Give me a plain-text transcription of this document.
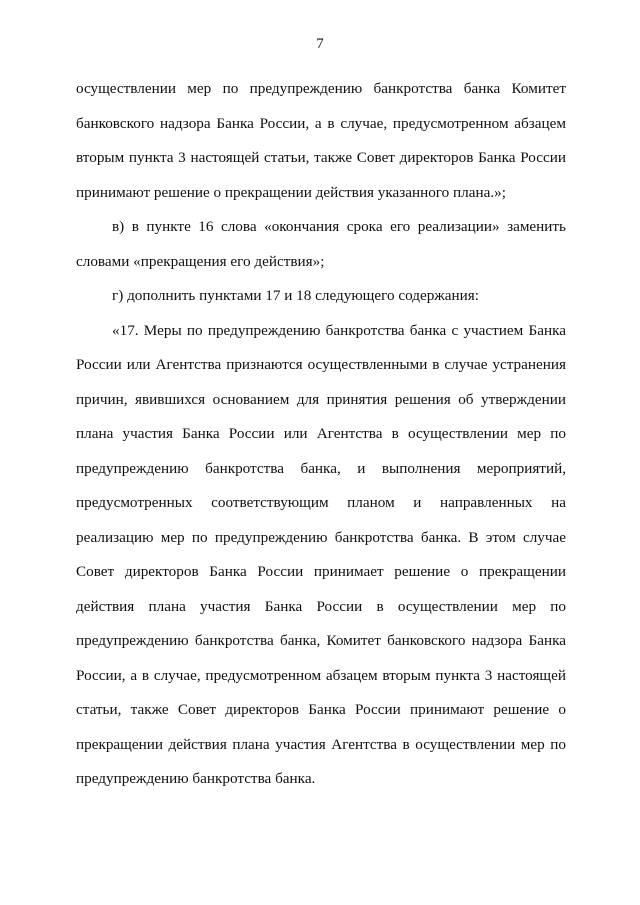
7

осуществлении мер по предупреждению банкротства банка Комитет банковского надзора Банка России, а в случае, предусмотренном абзацем вторым пункта 3 настоящей статьи, также Совет директоров Банка России принимают решение о прекращении действия указанного плана.»;

в) в пункте 16 слова «окончания срока его реализации» заменить словами «прекращения его действия»;

г) дополнить пунктами 17 и 18 следующего содержания:

«17. Меры по предупреждению банкротства банка с участием Банка России или Агентства признаются осуществленными в случае устранения причин, явившихся основанием для принятия решения об утверждении плана участия Банка России или Агентства в осуществлении мер по предупреждению банкротства банка, и выполнения мероприятий, предусмотренных соответствующим планом и направленных на реализацию мер по предупреждению банкротства банка. В этом случае Совет директоров Банка России принимает решение о прекращении действия плана участия Банка России в осуществлении мер по предупреждению банкротства банка, Комитет банковского надзора Банка России, а в случае, предусмотренном абзацем вторым пункта 3 настоящей статьи, также Совет директоров Банка России принимают решение о прекращении действия плана участия Агентства в осуществлении мер по предупреждению банкротства банка.
